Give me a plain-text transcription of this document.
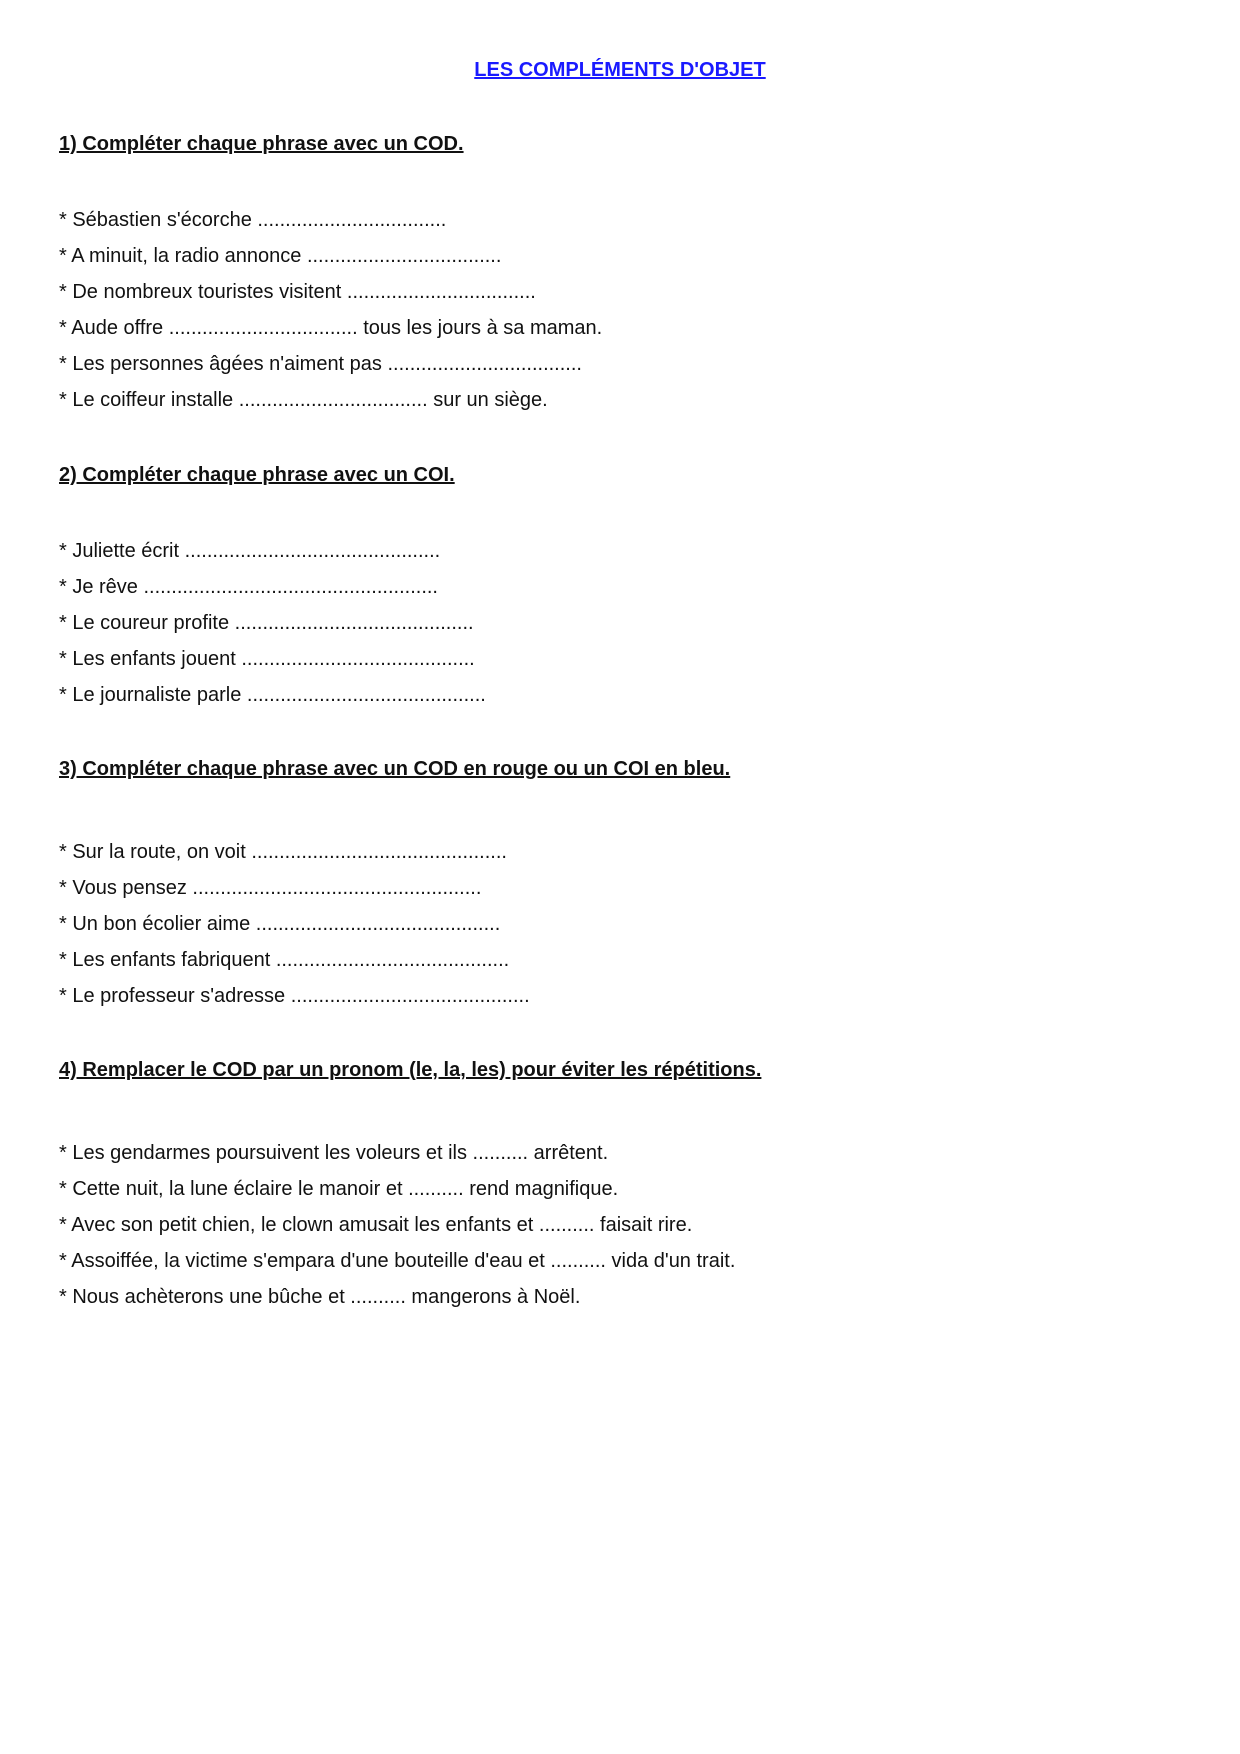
LES COMPLÉMENTS D'OBJET
1) Compléter chaque phrase avec un COD.
* Sébastien s'écorche ..................................
* A minuit, la radio annonce ...................................
* De nombreux touristes visitent ..................................
* Aude offre .................................. tous les jours à sa maman.
* Les personnes âgées n'aiment pas ...................................
* Le coiffeur installe .................................. sur un siège.
2) Compléter chaque phrase avec un COI.
* Juliette écrit ..............................................
* Je rêve .....................................................
* Le coureur profite ...........................................
* Les enfants jouent ..........................................
* Le journaliste parle ...........................................
3) Compléter chaque phrase avec un COD en rouge ou un COI en bleu.
* Sur la route, on voit ..............................................
* Vous pensez ....................................................
* Un bon écolier aime ............................................
* Les enfants fabriquent ..........................................
* Le professeur s'adresse ...........................................
4) Remplacer le COD par un pronom (le, la, les) pour éviter les répétitions.
* Les gendarmes poursuivent les voleurs et ils .......... arrêtent.
* Cette nuit, la lune éclaire le manoir et .......... rend magnifique.
* Avec son petit chien, le clown amusait les enfants et .......... faisait rire.
* Assoiffée, la victime s'empara d'une bouteille d'eau et .......... vida d'un trait.
* Nous achèterons une bûche et .......... mangerons à Noël.
